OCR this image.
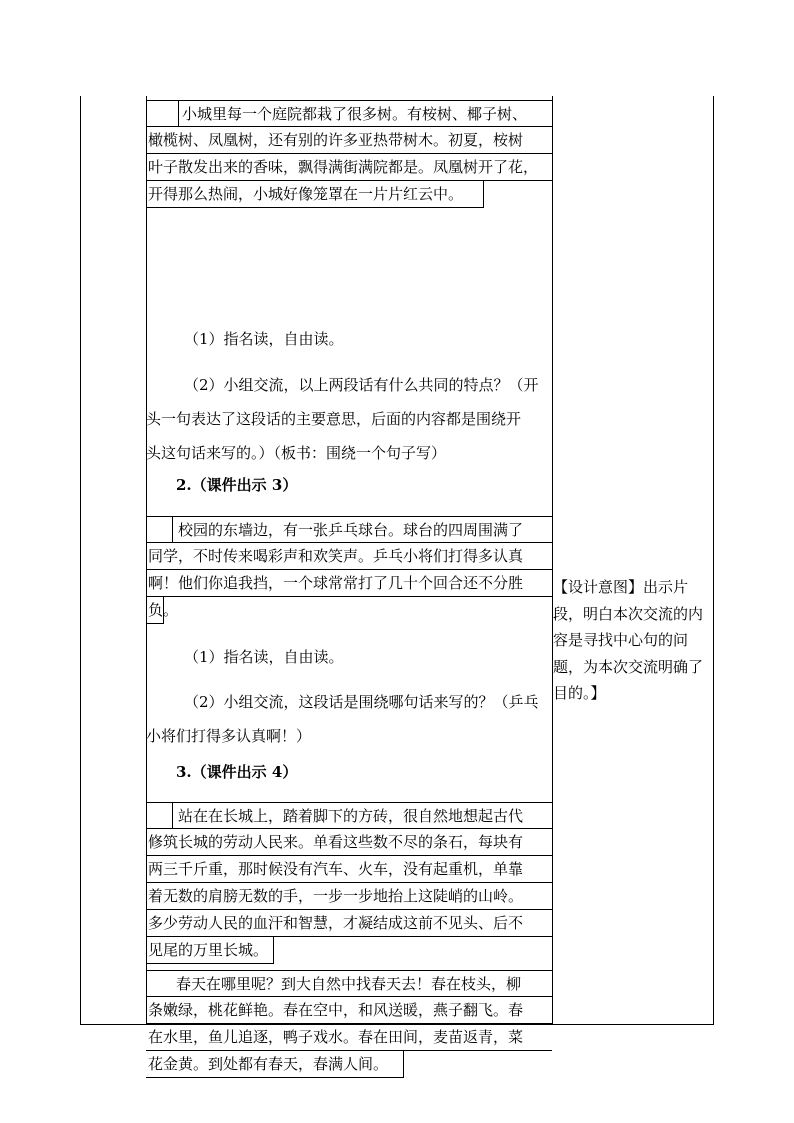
小城里每一个庭院都栽了很多树。有桉树、椰子树、
橄榄树、凤凰树，还有别的许多亚热带树木。初夏，桉树
叶子散发出来的香味，飘得满街满院都是。凤凰树开了花，
开得那么热闹，小城好像笼罩在一片片红云中。
（1）指名读，自由读。
（2）小组交流，以上两段话有什么共同的特点？（开
头一句表达了这段话的主要意思，后面的内容都是围绕开
头这句话来写的。）（板书：围绕一个句子写）
2.（课件出示 3）
校园的东墙边，有一张乒乓球台。球台的四周围满了
同学，不时传来喝彩声和欢笑声。乒乓小将们打得多认真
啊！他们你追我挡，一个球常常打了几十个回合还不分胜
负。
（1）指名读，自由读。
（2）小组交流，这段话是围绕哪句话来写的？（乒乓
小将们打得多认真啊！）
3.（课件出示 4）
站在在长城上，踏着脚下的方砖，很自然地想起古代
修筑长城的劳动人民来。单看这些数不尽的条石，每块有
两三千斤重，那时候没有汽车、火车，没有起重机，单靠
着无数的肩膀无数的手，一步一步地抬上这陡峭的山岭。
多少劳动人民的血汗和智慧，才凝结成这前不见头、后不
见尾的万里长城。
春天在哪里呢？到大自然中找春天去！春在枝头，柳
条嫩绿，桃花鲜艳。春在空中，和风送暖，燕子翻飞。春
在水里，鱼儿追逐，鸭子戏水。春在田间，麦苗返青，菜
花金黄。到处都有春天，春满人间。
【设计意图】出示片段，明白本次交流的内容是寻找中心句的问题，为本次交流明确了目的。】
